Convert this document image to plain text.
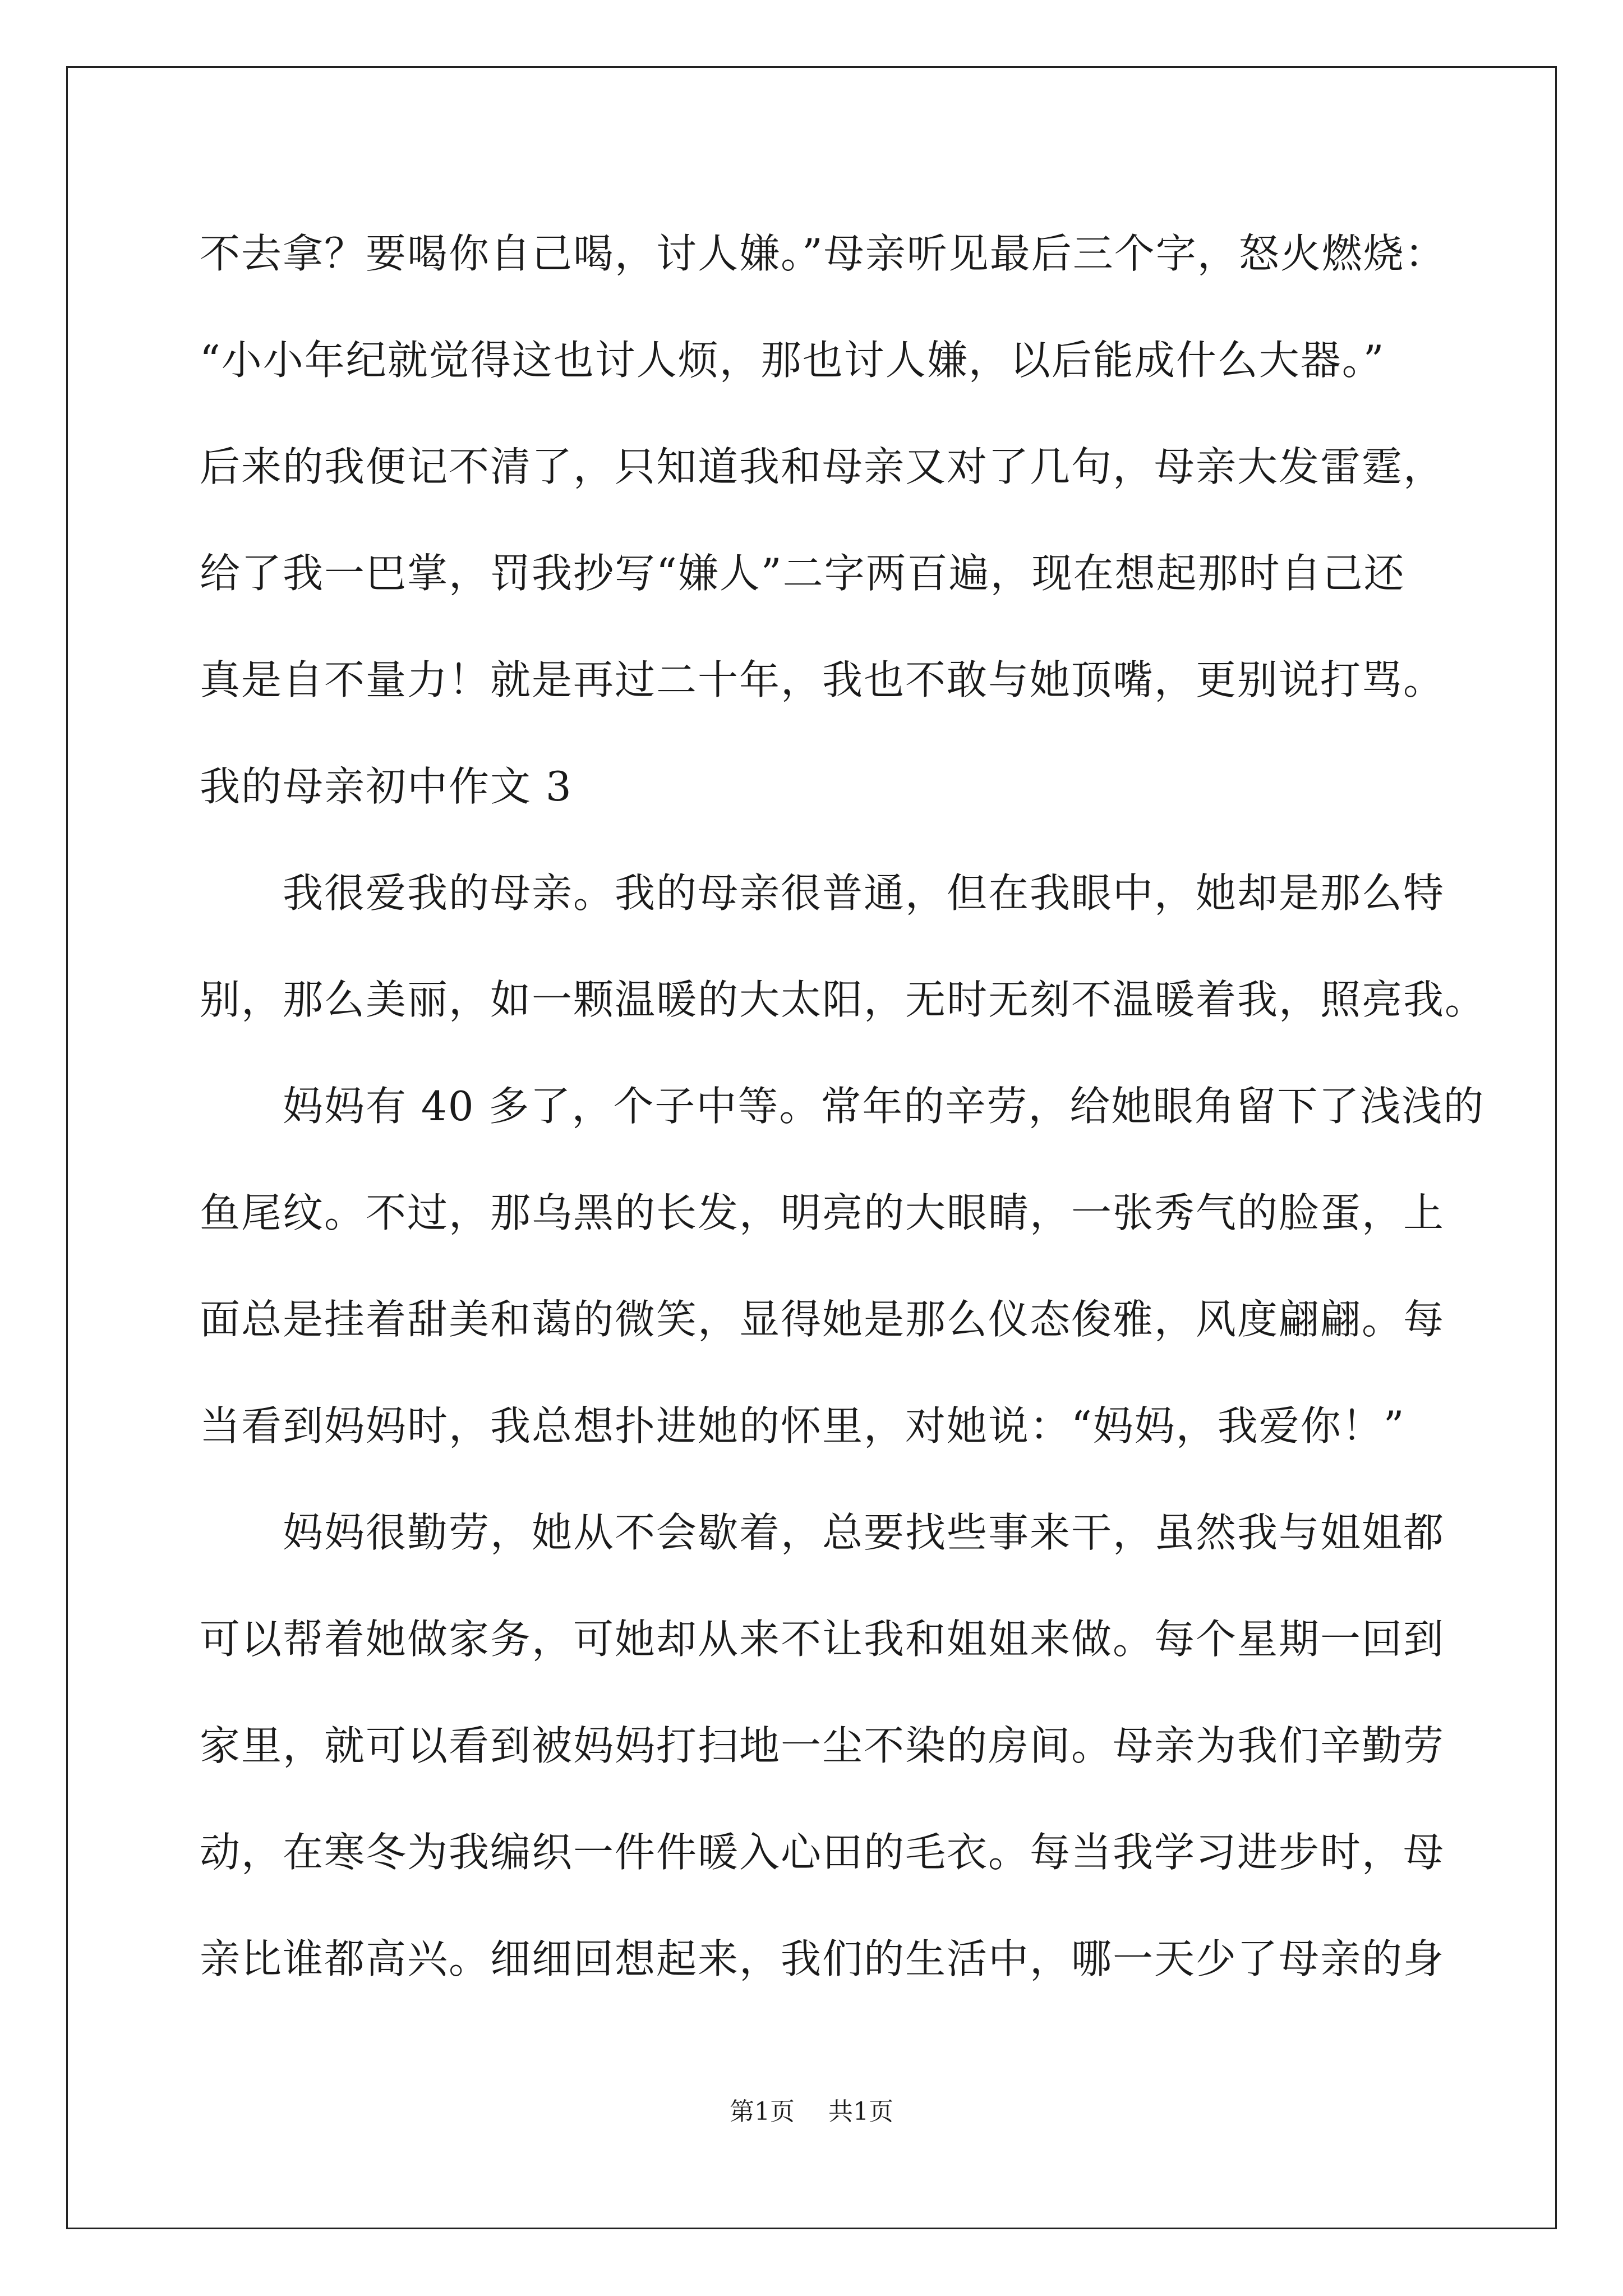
不去拿？要喝你自己喝，讨人嫌。”母亲听见最后三个字，怒火燃烧：
“小小年纪就觉得这也讨人烦，那也讨人嫌，以后能成什么大器。”
后来的我便记不清了，只知道我和母亲又对了几句，母亲大发雷霆，
给了我一巴掌，罚我抄写“嫌人”二字两百遍，现在想起那时自己还
真是自不量力！就是再过二十年，我也不敢与她顶嘴，更别说打骂。
我的母亲初中作文 3
我很爱我的母亲。我的母亲很普通，但在我眼中，她却是那么特
别，那么美丽，如一颗温暖的大太阳，无时无刻不温暖着我，照亮我。
妈妈有 40 多了，个子中等。常年的辛劳，给她眼角留下了浅浅的
鱼尾纹。不过，那乌黑的长发，明亮的大眼睛，一张秀气的脸蛋，上
面总是挂着甜美和蔼的微笑，显得她是那么仪态俊雅，风度翩翩。每
当看到妈妈时，我总想扑进她的怀里，对她说：“妈妈，我爱你！”
妈妈很勤劳，她从不会歇着，总要找些事来干，虽然我与姐姐都
可以帮着她做家务，可她却从来不让我和姐姐来做。每个星期一回到
家里，就可以看到被妈妈打扫地一尘不染的房间。母亲为我们辛勤劳
动，在寒冬为我编织一件件暖入心田的毛衣。每当我学习进步时，母
亲比谁都高兴。细细回想起来，我们的生活中，哪一天少了母亲的身
第1页 共1页
